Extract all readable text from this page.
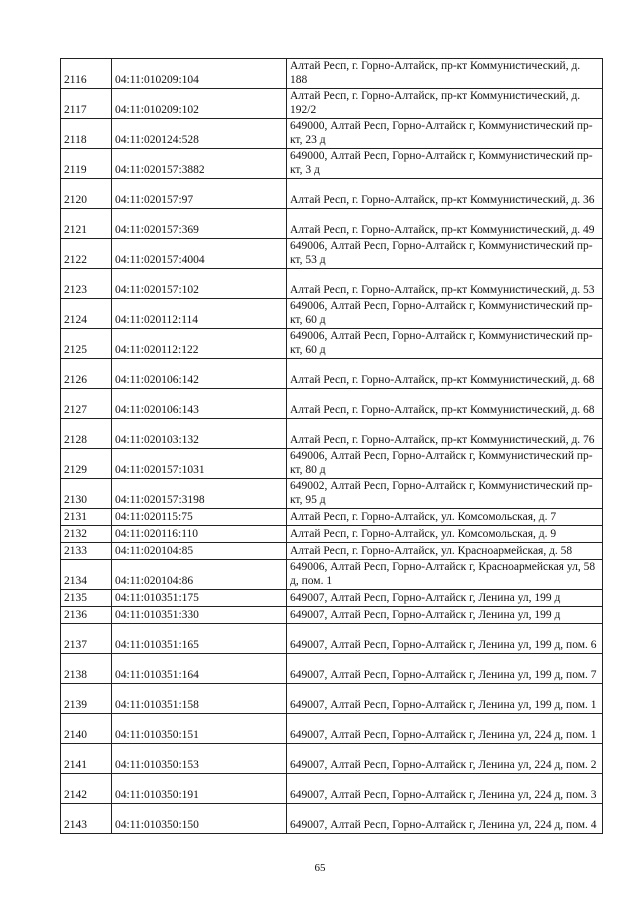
2116	04:11:010209:104	Алтай Респ, г. Горно-Алтайск, пр-кт Коммунистический, д. 188
2117	04:11:010209:102	Алтай Респ, г. Горно-Алтайск, пр-кт Коммунистический, д. 192/2
2118	04:11:020124:528	649000, Алтай Респ, Горно-Алтайск г, Коммунистический пр-кт, 23 д
2119	04:11:020157:3882	649000, Алтай Респ, Горно-Алтайск г, Коммунистический пр-кт, 3 д
2120	04:11:020157:97	Алтай Респ, г. Горно-Алтайск, пр-кт Коммунистический, д. 36
2121	04:11:020157:369	Алтай Респ, г. Горно-Алтайск, пр-кт Коммунистический, д. 49
2122	04:11:020157:4004	649006, Алтай Респ, Горно-Алтайск г, Коммунистический пр-кт, 53 д
2123	04:11:020157:102	Алтай Респ, г. Горно-Алтайск, пр-кт Коммунистический, д. 53
2124	04:11:020112:114	649006, Алтай Респ, Горно-Алтайск г, Коммунистический пр-кт, 60 д
2125	04:11:020112:122	649006, Алтай Респ, Горно-Алтайск г, Коммунистический пр-кт, 60 д
2126	04:11:020106:142	Алтай Респ, г. Горно-Алтайск, пр-кт Коммунистический, д. 68
2127	04:11:020106:143	Алтай Респ, г. Горно-Алтайск, пр-кт Коммунистический, д. 68
2128	04:11:020103:132	Алтай Респ, г. Горно-Алтайск, пр-кт Коммунистический, д. 76
2129	04:11:020157:1031	649006, Алтай Респ, Горно-Алтайск г, Коммунистический пр-кт, 80 д
2130	04:11:020157:3198	649002, Алтай Респ, Горно-Алтайск г, Коммунистический пр-кт, 95 д
2131	04:11:020115:75	Алтай Респ, г. Горно-Алтайск, ул. Комсомольская, д. 7
2132	04:11:020116:110	Алтай Респ, г. Горно-Алтайск, ул. Комсомольская, д. 9
2133	04:11:020104:85	Алтай Респ, г. Горно-Алтайск, ул. Красноармейская, д. 58
2134	04:11:020104:86	649006, Алтай Респ, Горно-Алтайск г, Красноармейская ул, 58 д, пом. 1
2135	04:11:010351:175	649007, Алтай Респ, Горно-Алтайск г, Ленина ул, 199 д
2136	04:11:010351:330	649007, Алтай Респ, Горно-Алтайск г, Ленина ул, 199 д
2137	04:11:010351:165	649007, Алтай Респ, Горно-Алтайск г, Ленина ул, 199 д, пом. 6
2138	04:11:010351:164	649007, Алтай Респ, Горно-Алтайск г, Ленина ул, 199 д, пом. 7
2139	04:11:010351:158	649007, Алтай Респ, Горно-Алтайск г, Ленина ул, 199 д, пом. 1
2140	04:11:010350:151	649007, Алтай Респ, Горно-Алтайск г, Ленина ул, 224 д, пом. 1
2141	04:11:010350:153	649007, Алтай Респ, Горно-Алтайск г, Ленина ул, 224 д, пом. 2
2142	04:11:010350:191	649007, Алтай Респ, Горно-Алтайск г, Ленина ул, 224 д, пом. 3
2143	04:11:010350:150	649007, Алтай Респ, Горно-Алтайск г, Ленина ул, 224 д, пом. 4
65
